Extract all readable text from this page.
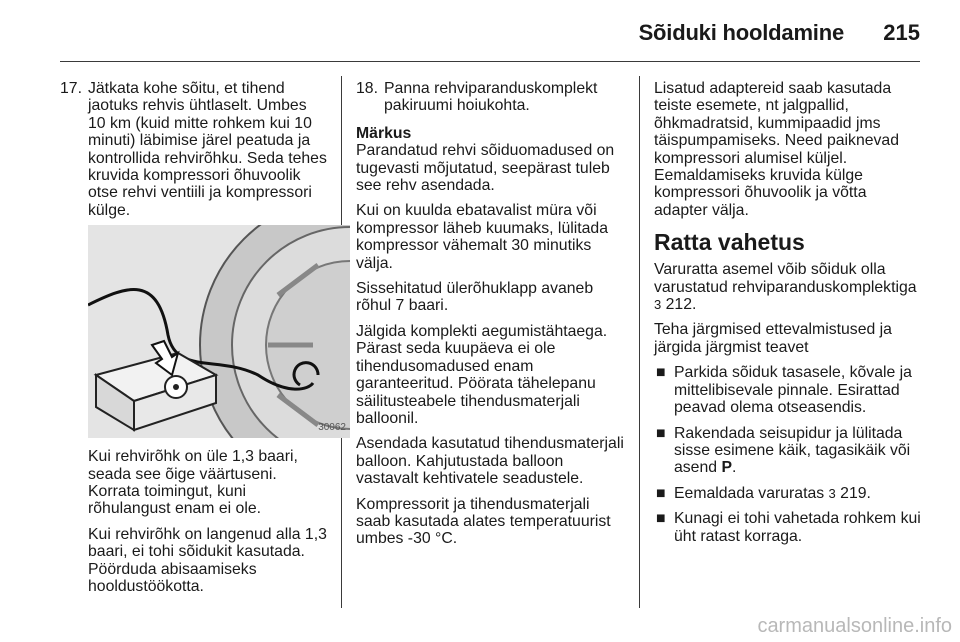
Sõiduki hooldamine 215
17. Jätkata kohe sõitu, et tihend jaotuks rehvis ühtlaselt. Umbes 10 km (kuid mitte rohkem kui 10 minuti) läbimise järel peatuda ja kontrollida rehvirõhku. Seda tehes kruvida kompressori õhuvoolik otse rehvi ventiili ja kompressori külge.
30062

Kui rehvirõhk on üle 1,3 baari, seada see õige väärtuseni. Korrata toimingut, kuni rõhulangust enam ei ole.

Kui rehvirõhk on langenud alla 1,3 baari, ei tohi sõidukit kasutada. Pöörduda abisaamiseks hooldustöökotta.

18. Panna rehviparanduskomplekt pakiruumi hoiukohta.

Märkus

Parandatud rehvi sõiduomadused on tugevasti mõjutatud, seepärast tuleb see rehv asendada.

Kui on kuulda ebatavalist müra või kompressor läheb kuumaks, lülitada kompressor vähemalt 30 minutiks välja.

Sissehitatud ülerõhuklapp avaneb rõhul 7 baari.

Jälgida komplekti aegumistähtaega. Pärast seda kuupäeva ei ole tihendusomadused enam garanteeritud. Pöörata tähelepanu säilitusteabele tihendusmaterjali balloonil.

Asendada kasutatud tihendusmaterjali balloon. Kahjutustada balloon vastavalt kehtivatele seadustele.

Kompressorit ja tihendusmaterjali saab kasutada alates temperatuurist umbes -30 °C.

Lisatud adaptereid saab kasutada teiste esemete, nt jalgpallid, õhkmadratsid, kummipaadid jms täispumpamiseks. Need paiknevad kompressori alumisel küljel. Eemaldamiseks kruvida külge kompressori õhuvoolik ja võtta adapter välja.

Ratta vahetus

Varuratta asemel võib sõiduk olla varustatud rehviparanduskomplektiga 3 212.

Teha järgmised ettevalmistused ja järgida järgmist teavet

■ Parkida sõiduk tasasele, kõvale ja mittelibisevale pinnale. Esirattad peavad olema otseasendis.
■ Rakendada seisupidur ja lülitada sisse esimene käik, tagasikäik või asend P.
■ Eemaldada varuratas 3 219.
■ Kunagi ei tohi vahetada rohkem kui üht ratast korraga.
carmanualsonline.info
